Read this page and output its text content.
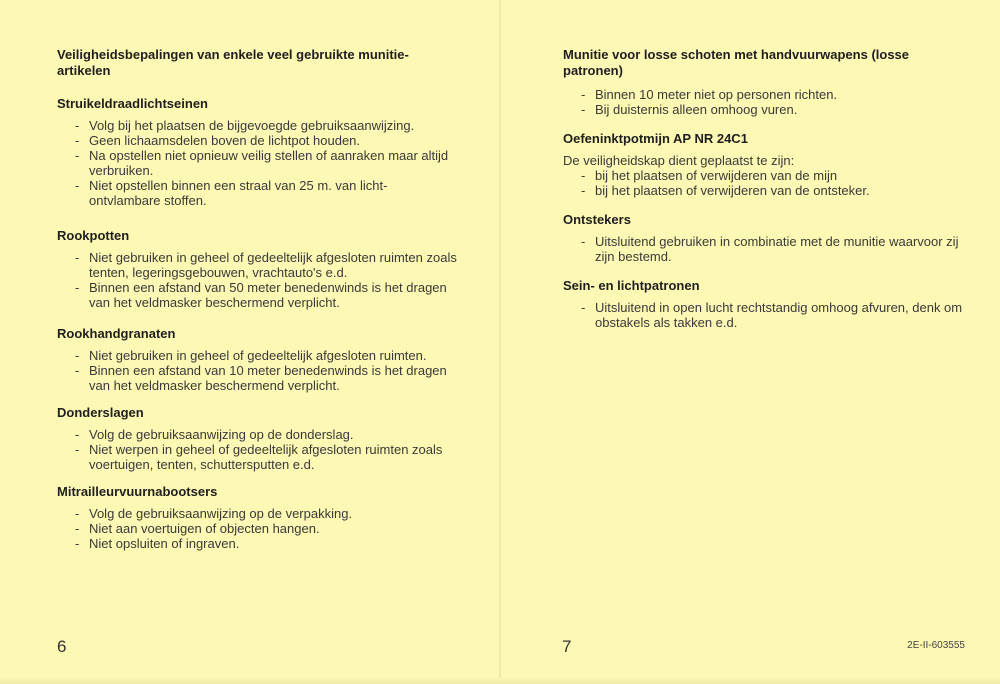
Veiligheidsbepalingen van enkele veel gebruikte munitie-artikelen
Struikeldraadlichtseinen
- Volg bij het plaatsen de bijgevoegde gebruiksaanwijzing.
- Geen lichaamsdelen boven de lichtpot houden.
- Na opstellen niet opnieuw veilig stellen of aanraken maar altijd verbruiken.
- Niet opstellen binnen een straal van 25 m. van licht-ontvlambare stoffen.
Rookpotten
- Niet gebruiken in geheel of gedeeltelijk afgesloten ruimten zoals tenten, legeringsgebouwen, vrachtauto's e.d.
- Binnen een afstand van 50 meter benedenwinds is het dragen van het veldmasker beschermend verplicht.
Rookhandgranaten
- Niet gebruiken in geheel of gedeeltelijk afgesloten ruimten.
- Binnen een afstand van 10 meter benedenwinds is het dragen van het veldmasker beschermend verplicht.
Donderslagen
- Volg de gebruiksaanwijzing op de donderslag.
- Niet werpen in geheel of gedeeltelijk afgesloten ruimten zoals voertuigen, tenten, schuttersputten e.d.
Mitrailleurvuurnabootsers
- Volg de gebruiksaanwijzing op de verpakking.
- Niet aan voertuigen of objecten hangen.
- Niet opsluiten of ingraven.
6
Munitie voor losse schoten met handvuurwapens (losse patronen)
- Binnen 10 meter niet op personen richten.
- Bij duisternis alleen omhoog vuren.
Oefeninktpotmijn AP NR 24C1

De veiligheidskap dient geplaatst te zijn:

- bij het plaatsen of verwijderen van de mijn
- bij het plaatsen of verwijderen van de ontsteker.
Ontstekers
- Uitsluitend gebruiken in combinatie met de munitie waarvoor zij zijn bestemd.
Sein- en lichtpatronen
- Uitsluitend in open lucht rechtstandig omhoog afvuren, denk om obstakels als takken e.d.
7	2E-II-603555
